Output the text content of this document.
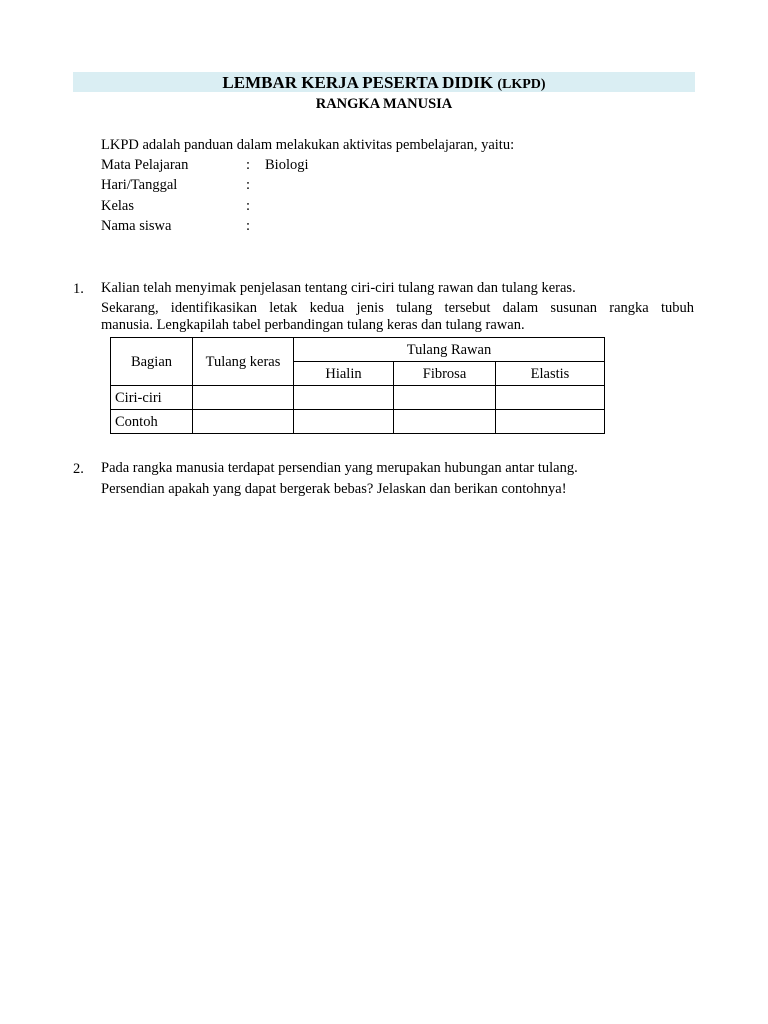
LEMBAR KERJA PESERTA DIDIK (LKPD)
RANGKA MANUSIA
LKPD adalah panduan dalam melakukan aktivitas pembelajaran, yaitu:
Mata Pelajaran	: Biologi
Hari/Tanggal	:
Kelas	:
Nama siswa	:
1. Kalian telah menyimak penjelasan tentang ciri-ciri tulang rawan dan tulang keras.
Sekarang, identifikasikan letak kedua jenis tulang tersebut dalam susunan rangka tubuh
manusia. Lengkapilah tabel perbandingan tulang keras dan tulang rawan.
Bagian	Tulang keras	Tulang Rawan		
		Hialin	Fibrosa	Elastis
Ciri-ciri				
Contoh				
2. Pada rangka manusia terdapat persendian yang merupakan hubungan antar tulang.
Persendian apakah yang dapat bergerak bebas? Jelaskan dan berikan contohnya!
